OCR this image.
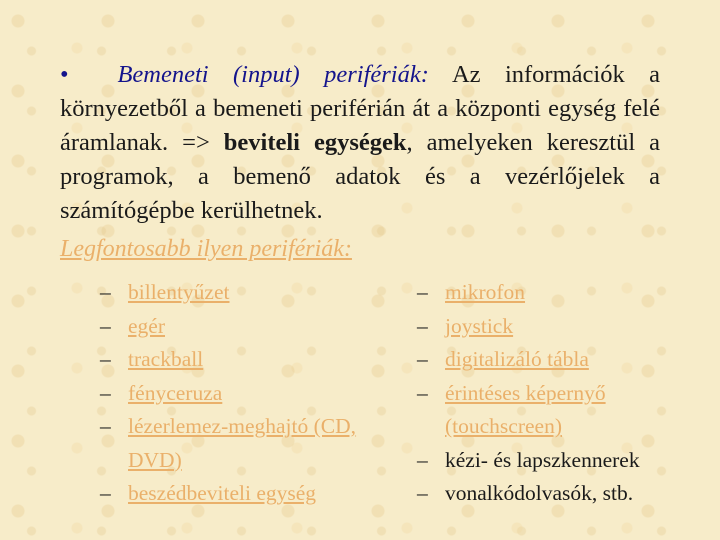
• Bemeneti (input) perifériák: Az információk a környezetből a bemeneti periférián át a központi egység felé áramlanak. => beviteli egységek, amelyeken keresztül a programok, a bemenő adatok és a vezérlőjelek a számítógépbe kerülhetnek.

Legfontosabb ilyen perifériák:

– billentyűzet
– egér
– trackball
– fényceruza
– lézerlemez-meghajtó (CD, DVD)
– beszédbeviteli egység
– mikrofon
– joystick
– digitalizáló tábla
– érintéses képernyő (touchscreen)
– kézi- és lapszkennerek
– vonalkódolvasók, stb.
